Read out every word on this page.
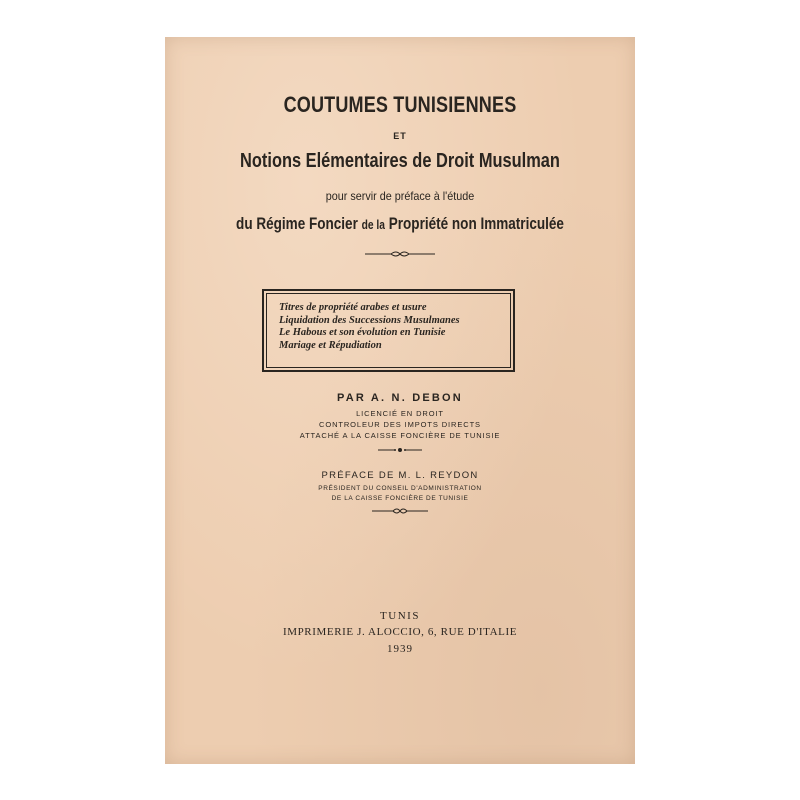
COUTUMES TUNISIENNES
ET
Notions Elémentaires de Droit Musulman
pour servir de préface à l'étude
du Régime Foncier de la Propriété non Immatriculée
Titres de propriété arabes et usure
Liquidation des Successions Musulmanes
Le Habous et son évolution en Tunisie
Mariage et Répudiation
PAR A. N. DEBON
LICENCIÉ EN DROIT
CONTROLEUR DES IMPOTS DIRECTS
ATTACHÉ A LA CAISSE FONCIÈRE DE TUNISIE
PRÉFACE DE M. L. REYDON
PRÉSIDENT DU CONSEIL D'ADMINISTRATION
DE LA CAISSE FONCIÈRE DE TUNISIE
TUNIS
IMPRIMERIE J. ALOCCIO, 6, RUE D'ITALIE
1939
